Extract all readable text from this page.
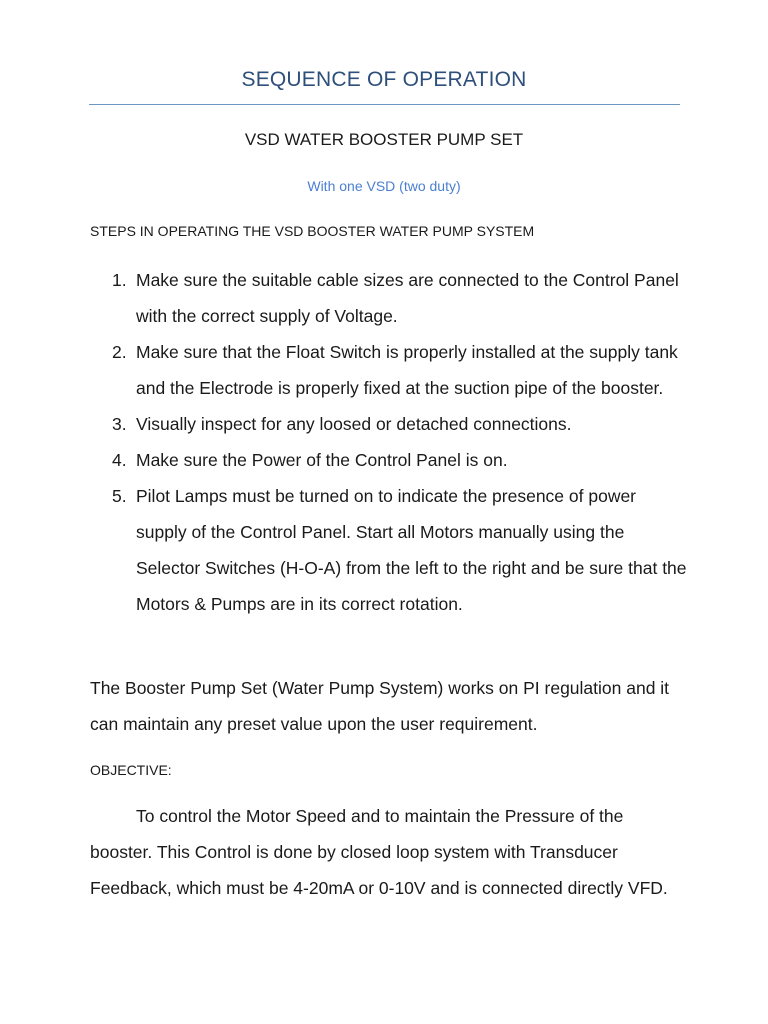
SEQUENCE OF OPERATION
VSD WATER BOOSTER PUMP SET
With one VSD (two duty)
STEPS IN OPERATING THE VSD BOOSTER WATER PUMP SYSTEM
1. Make sure the suitable cable sizes are connected to the Control Panel with the correct supply of Voltage.
2. Make sure that the Float Switch is properly installed at the supply tank and the Electrode is properly fixed at the suction pipe of the booster.
3. Visually inspect for any loosed or detached connections.
4. Make sure the Power of the Control Panel is on.
5. Pilot Lamps must be turned on to indicate the presence of power supply of the Control Panel. Start all Motors manually using the Selector Switches (H-O-A) from the left to the right and be sure that the Motors & Pumps are in its correct rotation.

The Booster Pump Set (Water Pump System) works on PI regulation and it can maintain any preset value upon the user requirement.

OBJECTIVE:

To control the Motor Speed and to maintain the Pressure of the booster. This Control is done by closed loop system with Transducer Feedback, which must be 4-20mA or 0-10V and is connected directly VFD.
